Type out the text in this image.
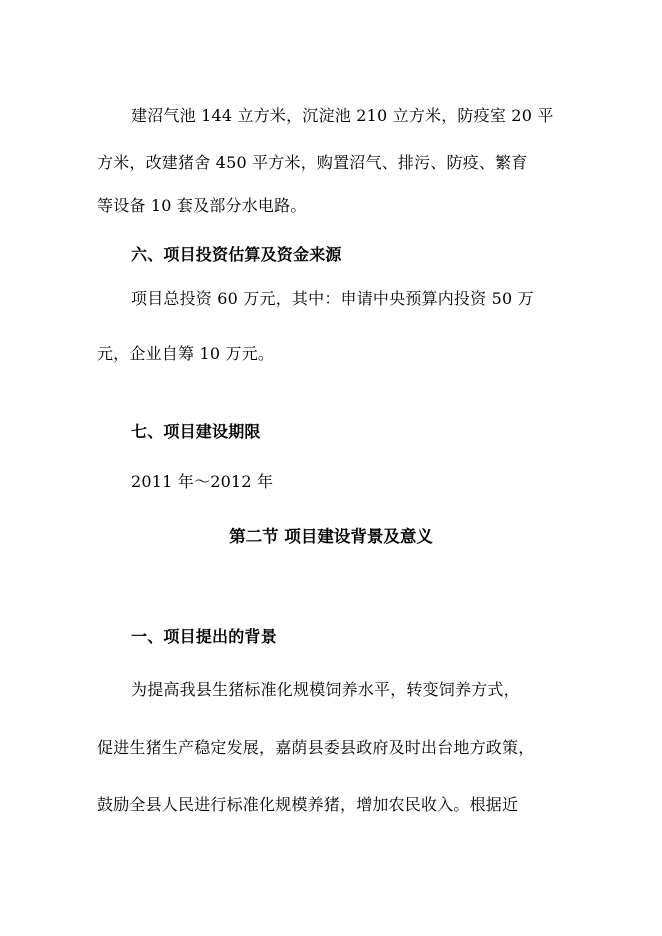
建沼气池 144 立方米，沉淀池 210 立方米，防疫室 20 平
方米，改建猪舍 450 平方米，购置沼气、排污、防疫、繁育
等设备 10 套及部分水电路。
六、项目投资估算及资金来源
项目总投资 60 万元，其中：申请中央预算内投资 50 万
元，企业自筹 10 万元。
七、项目建设期限
2011 年～2012 年
第二节 项目建设背景及意义
一、项目提出的背景
为提高我县生猪标准化规模饲养水平，转变饲养方式，
促进生猪生产稳定发展，嘉荫县委县政府及时出台地方政策，
鼓励全县人民进行标准化规模养猪，增加农民收入。根据近
